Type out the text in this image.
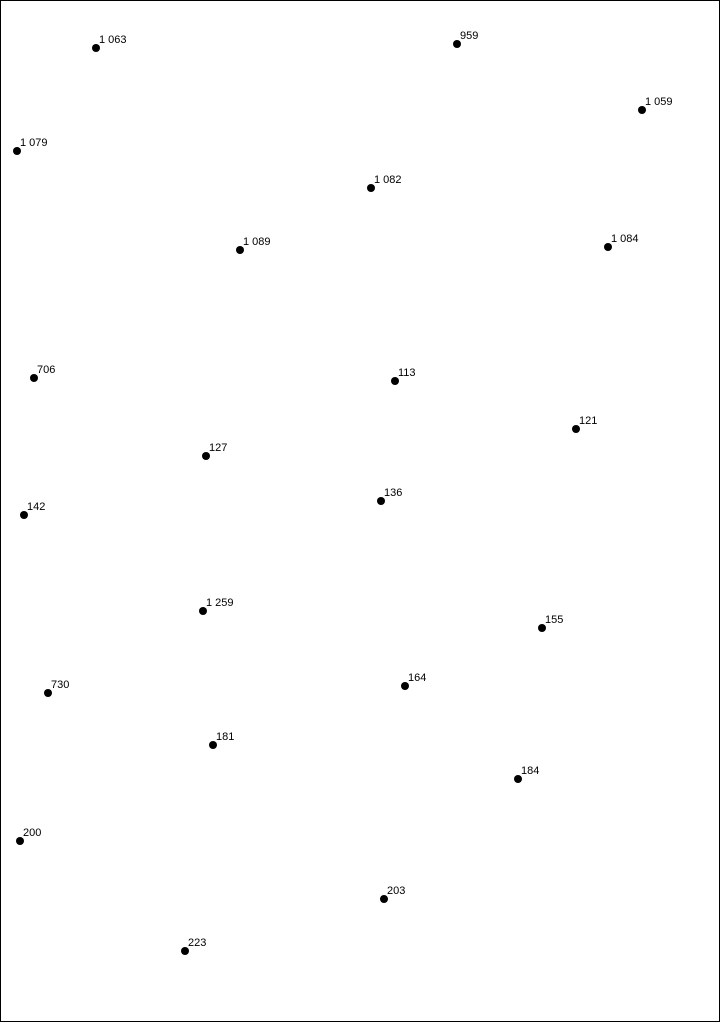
1 063	959
1 059
1 079
1 082
1 089	1 084
706	113
121
127
136
142
1 259
155
730
164
181
184
200
203
223
